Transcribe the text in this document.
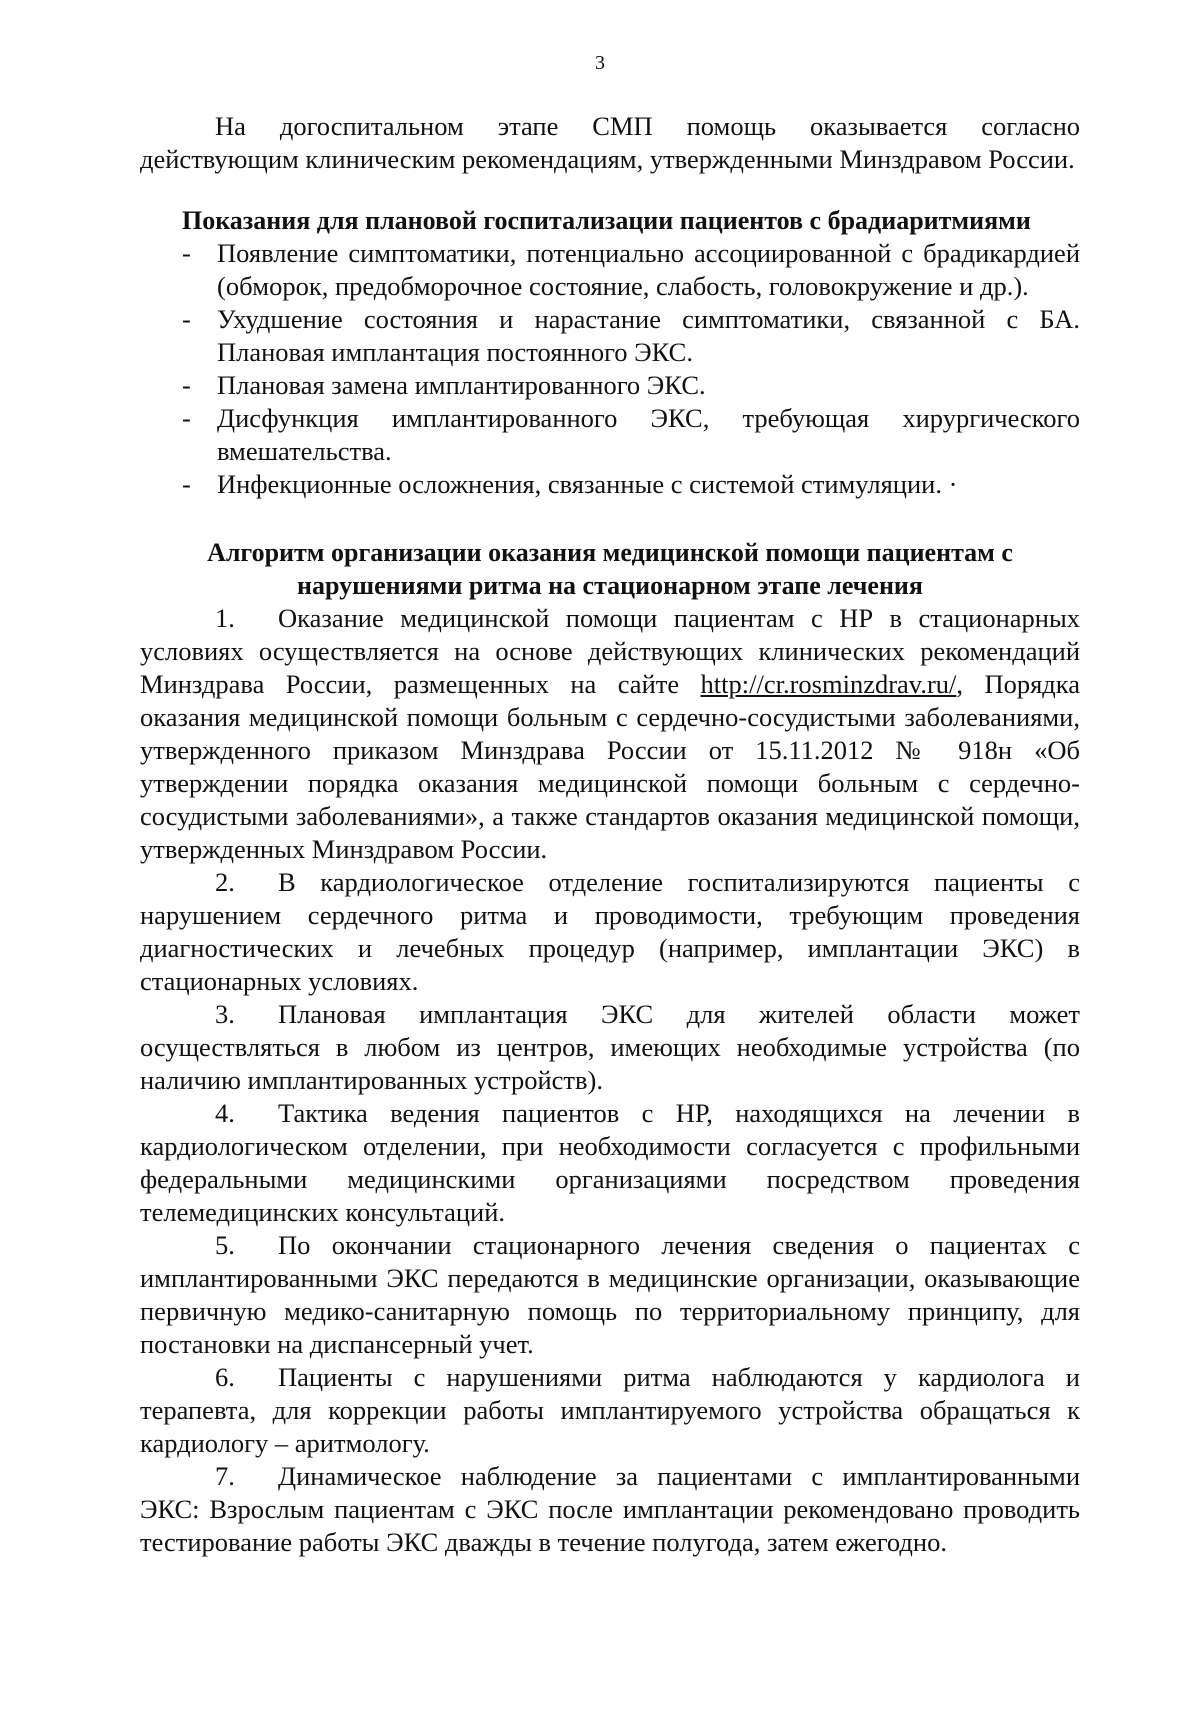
3

На догоспитальном этапе СМП помощь оказывается согласно действующим клиническим рекомендациям, утвержденными Минздравом России.

Показания для плановой госпитализации пациентов с брадиаритмиями
- Появление симптоматики, потенциально ассоциированной с брадикардией (обморок, предобморочное состояние, слабость, головокружение и др.).
- Ухудшение состояния и нарастание симптоматики, связанной с БА. Плановая имплантация постоянного ЭКС.
- Плановая замена имплантированного ЭКС.
- Дисфункция имплантированного ЭКС, требующая хирургического вмешательства.
- Инфекционные осложнения, связанные с системой стимуляции. ·
Алгоритм организации оказания медицинской помощи пациентам с нарушениями ритма на стационарном этапе лечения
1. Оказание медицинской помощи пациентам с НР в стационарных условиях осуществляется на основе действующих клинических рекомендаций Минздрава России, размещенных на сайте http://cr.rosminzdrav.ru/, Порядка оказания медицинской помощи больным с сердечно-сосудистыми заболеваниями, утвержденного приказом Минздрава России от 15.11.2012 № 918н «Об утверждении порядка оказания медицинской помощи больным с сердечно-сосудистыми заболеваниями», а также стандартов оказания медицинской помощи, утвержденных Минздравом России.
2. В кардиологическое отделение госпитализируются пациенты с нарушением сердечного ритма и проводимости, требующим проведения диагностических и лечебных процедур (например, имплантации ЭКС) в стационарных условиях.
3. Плановая имплантация ЭКС для жителей области может осуществляться в любом из центров, имеющих необходимые устройства (по наличию имплантированных устройств).
4. Тактика ведения пациентов с НР, находящихся на лечении в кардиологическом отделении, при необходимости согласуется с профильными федеральными медицинскими организациями посредством проведения телемедицинских консультаций.
5. По окончании стационарного лечения сведения о пациентах с имплантированными ЭКС передаются в медицинские организации, оказывающие первичную медико-санитарную помощь по территориальному принципу, для постановки на диспансерный учет.
6. Пациенты с нарушениями ритма наблюдаются у кардиолога и терапевта, для коррекции работы имплантируемого устройства обращаться к кардиологу – аритмологу.
7. Динамическое наблюдение за пациентами с имплантированными ЭКС: Взрослым пациентам с ЭКС после имплантации рекомендовано проводить тестирование работы ЭКС дважды в течение полугода, затем ежегодно.
